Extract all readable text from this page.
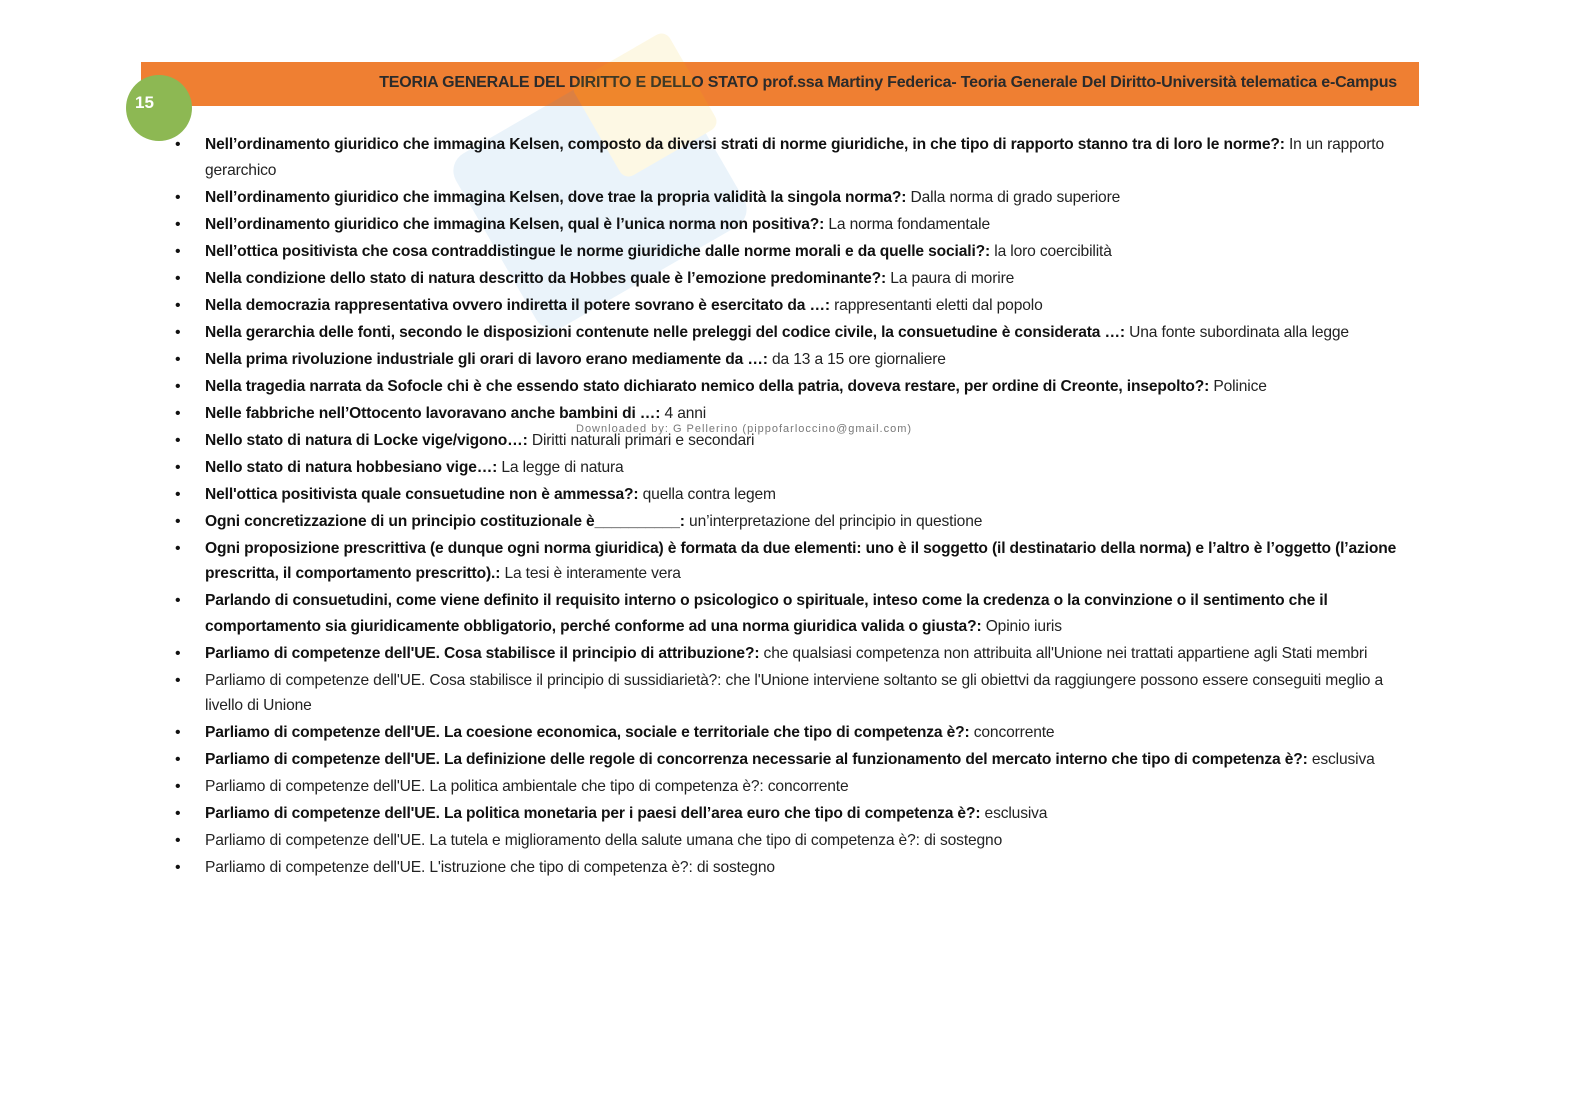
TEORIA GENERALE DEL DIRITTO E DELLO STATO prof.ssa Martiny Federica- Teoria Generale Del Diritto-Università telematica e-Campus
15
• Nell’ordinamento giuridico che immagina Kelsen, composto da diversi strati di norme giuridiche, in che tipo di rapporto stanno tra di loro le norme?: In un rapporto gerarchico
• Nell’ordinamento giuridico che immagina Kelsen, dove trae la propria validità la singola norma?: Dalla norma di grado superiore
• Nell’ordinamento giuridico che immagina Kelsen, qual è l’unica norma non positiva?: La norma fondamentale
• Nell’ottica positivista che cosa contraddistingue le norme giuridiche dalle norme morali e da quelle sociali?: la loro coercibilità
• Nella condizione dello stato di natura descritto da Hobbes quale è l’emozione predominante?: La paura di morire
• Nella democrazia rappresentativa ovvero indiretta il potere sovrano è esercitato da …: rappresentanti eletti dal popolo
• Nella gerarchia delle fonti, secondo le disposizioni contenute nelle preleggi del codice civile, la consuetudine è considerata …: Una fonte subordinata alla legge
• Nella prima rivoluzione industriale gli orari di lavoro erano mediamente da …: da 13 a 15 ore giornaliere
• Nella tragedia narrata da Sofocle chi è che essendo stato dichiarato nemico della patria, doveva restare, per ordine di Creonte, insepolto?: Polinice
• Nelle fabbriche nell’Ottocento lavoravano anche bambini di …: 4 anni
• Nello stato di natura di Locke vige/vigono…: Diritti naturali primari e secondari
• Nello stato di natura hobbesiano vige…: La legge di natura
• Nell'ottica positivista quale consuetudine non è ammessa?: quella contra legem
• Ogni concretizzazione di un principio costituzionale è__________: un’interpretazione del principio in questione
• Ogni proposizione prescrittiva (e dunque ogni norma giuridica) è formata da due elementi: uno è il soggetto (il destinatario della norma) e l’altro è l’oggetto (l’azione prescritta, il comportamento prescritto).: La tesi è interamente vera
• Parlando di consuetudini, come viene definito il requisito interno o psicologico o spirituale, inteso come la credenza o la convinzione o il sentimento che il comportamento sia giuridicamente obbligatorio, perché conforme ad una norma giuridica valida o giusta?: Opinio iuris
• Parliamo di competenze dell'UE. Cosa stabilisce il principio di attribuzione?: che qualsiasi competenza non attribuita all'Unione nei trattati appartiene agli Stati membri
• Parliamo di competenze dell'UE. Cosa stabilisce il principio di sussidiarietà?: che l'Unione interviene soltanto se gli obiettvi da raggiungere possono essere conseguiti meglio a livello di Unione
• Parliamo di competenze dell'UE. La coesione economica, sociale e territoriale che tipo di competenza è?: concorrente
• Parliamo di competenze dell'UE. La definizione delle regole di concorrenza necessarie al funzionamento del mercato interno che tipo di competenza è?: esclusiva
• Parliamo di competenze dell'UE. La politica ambientale che tipo di competenza è?: concorrente
• Parliamo di competenze dell'UE. La politica monetaria per i paesi dell’area euro che tipo di competenza è?: esclusiva
• Parliamo di competenze dell'UE. La tutela e miglioramento della salute umana che tipo di competenza è?: di sostegno
• Parliamo di competenze dell'UE. L'istruzione che tipo di competenza è?: di sostegno
Downloaded by: G Pellerino (pippofarloccino@gmail.com)
